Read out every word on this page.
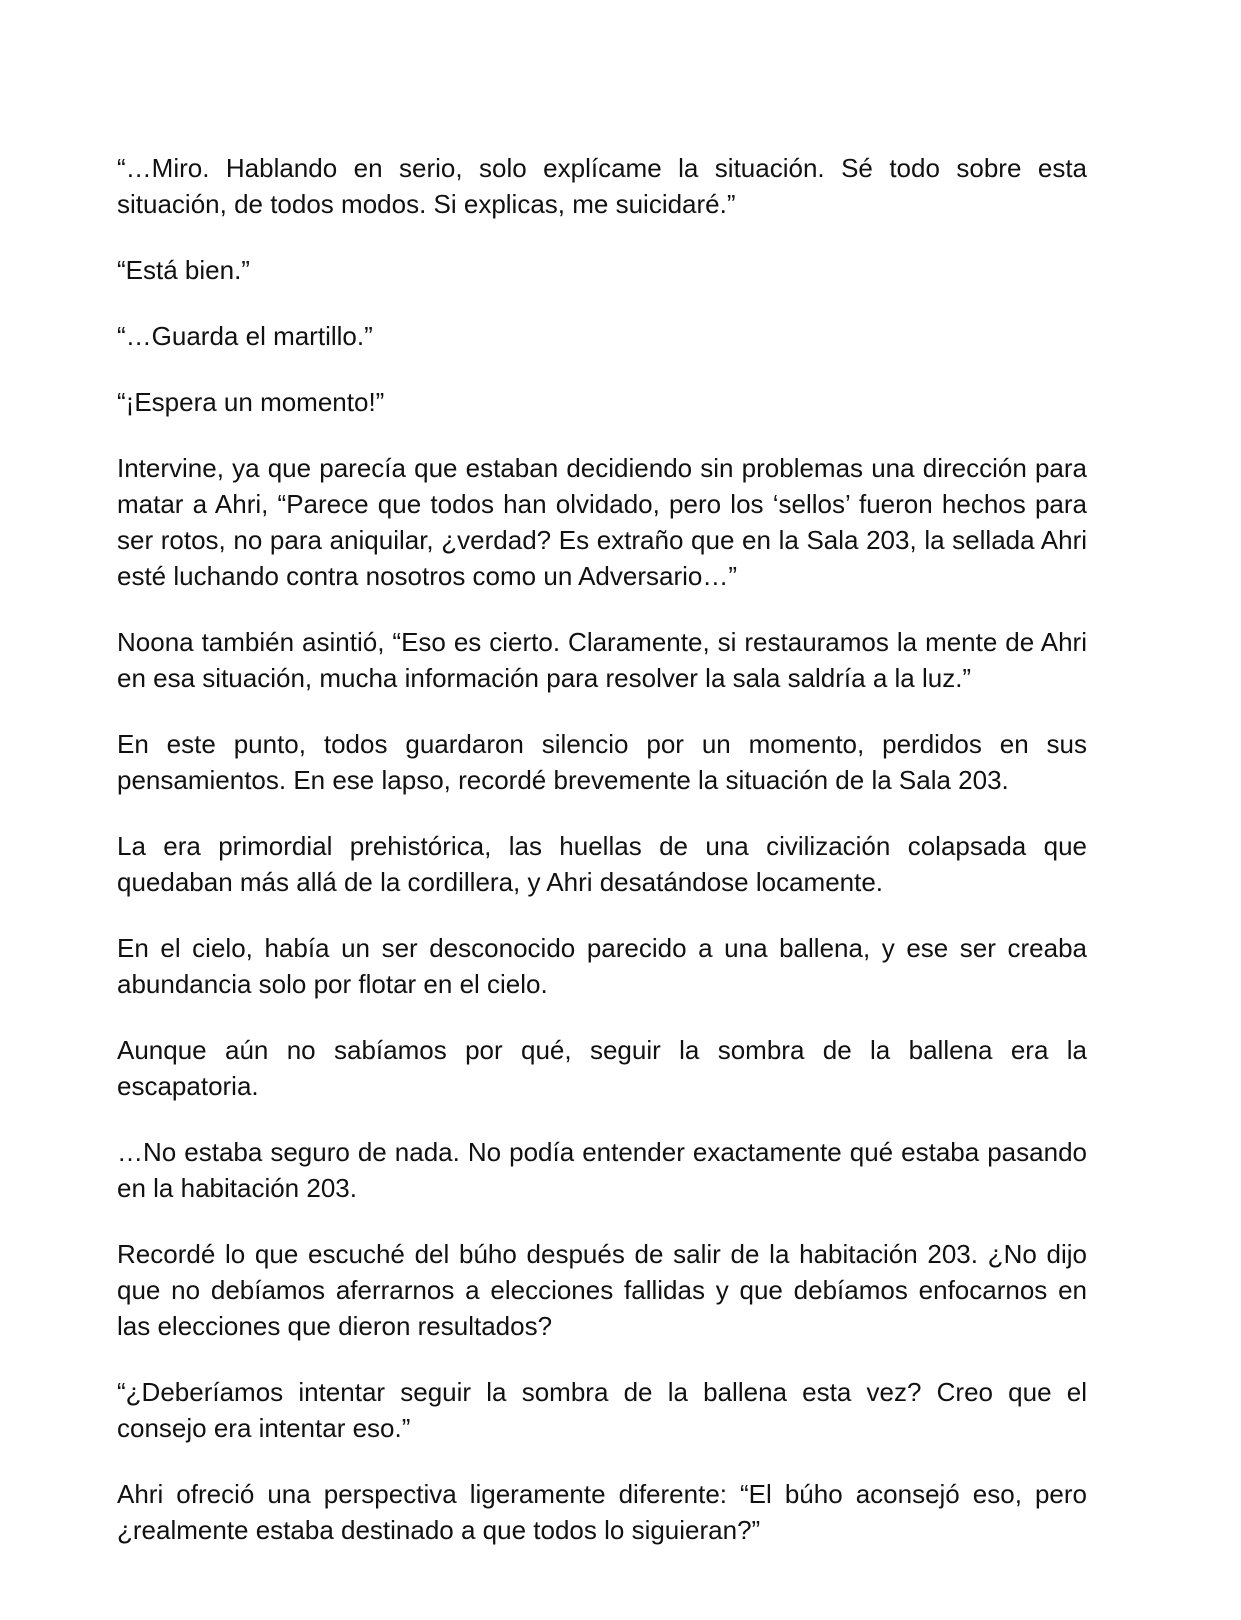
“…Miro. Hablando en serio, solo explícame la situación. Sé todo sobre esta situación, de todos modos. Si explicas, me suicidaré.”

“Está bien.”

“…Guarda el martillo.”

“¡Espera un momento!”

Intervine, ya que parecía que estaban decidiendo sin problemas una dirección para matar a Ahri, “Parece que todos han olvidado, pero los ‘sellos’ fueron hechos para ser rotos, no para aniquilar, ¿verdad? Es extraño que en la Sala 203, la sellada Ahri esté luchando contra nosotros como un Adversario…”

Noona también asintió, “Eso es cierto. Claramente, si restauramos la mente de Ahri en esa situación, mucha información para resolver la sala saldría a la luz.”

En este punto, todos guardaron silencio por un momento, perdidos en sus pensamientos. En ese lapso, recordé brevemente la situación de la Sala 203.

La era primordial prehistórica, las huellas de una civilización colapsada que quedaban más allá de la cordillera, y Ahri desatándose locamente.

En el cielo, había un ser desconocido parecido a una ballena, y ese ser creaba abundancia solo por flotar en el cielo.

Aunque aún no sabíamos por qué, seguir la sombra de la ballena era la escapatoria.

…No estaba seguro de nada. No podía entender exactamente qué estaba pasando en la habitación 203.

Recordé lo que escuché del búho después de salir de la habitación 203. ¿No dijo que no debíamos aferrarnos a elecciones fallidas y que debíamos enfocarnos en las elecciones que dieron resultados?

“¿Deberíamos intentar seguir la sombra de la ballena esta vez? Creo que el consejo era intentar eso.”

Ahri ofreció una perspectiva ligeramente diferente: “El búho aconsejó eso, pero ¿realmente estaba destinado a que todos lo siguieran?”
